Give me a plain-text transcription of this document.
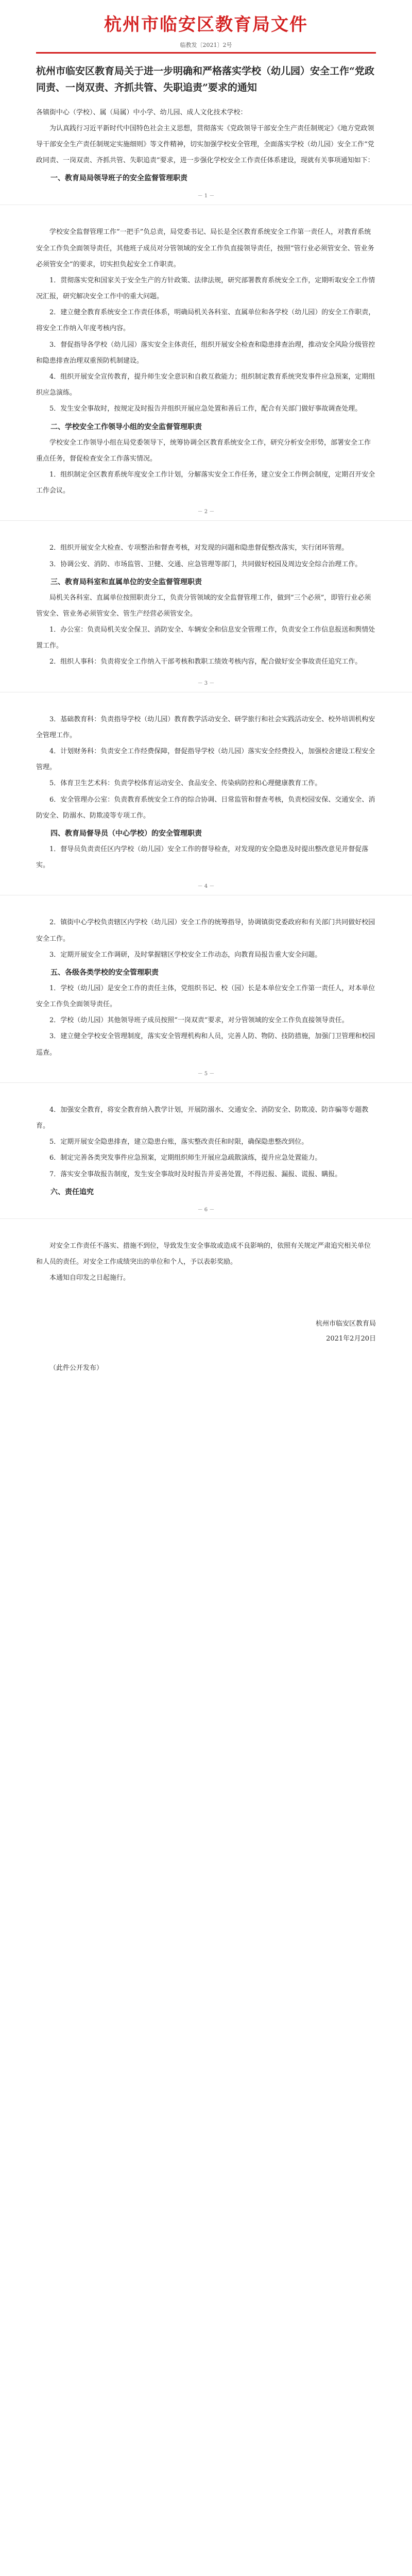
杭州市临安区教育局文件
临教发〔2021〕2号
杭州市临安区教育局关于进一步明确和严格落实学校（幼儿园）安全工作“党政同责、一岗双责、齐抓共管、失职追责”要求的通知

各镇街中心（学校）、属（局属）中小学、幼儿园、成人文化技术学校：

为认真践行习近平新时代中国特色社会主义思想，贯彻落实《党政领导干部安全生产责任制规定》《地方党政领导干部安全生产责任制规定实施细则》等文件精神，切实加强学校安全管理，全面落实学校（幼儿园）安全工作“党政同责、一岗双责、齐抓共管、失职追责”要求，进一步强化学校安全工作责任体系建设，现就有关事项通知如下：

一、教育局局领导班子的安全监督管理职责
－ 1 －

学校安全监督管理工作“一把手”负总责，局党委书记、局长是全区教育系统安全工作第一责任人，对教育系统安全工作负全面领导责任，其他班子成员对分管领域的安全工作负直接领导责任，按照“管行业必须管安全、管业务必须管安全”的要求，切实担负起安全工作职责。

1．贯彻落实党和国家关于安全生产的方针政策、法律法规，研究部署教育系统安全工作，定期听取安全工作情况汇报，研究解决安全工作中的重大问题。

2．建立健全教育系统安全工作责任体系，明确局机关各科室、直属单位和各学校（幼儿园）的安全工作职责，将安全工作纳入年度考核内容。

3．督促指导各学校（幼儿园）落实安全主体责任，组织开展安全检查和隐患排查治理，推动安全风险分级管控和隐患排查治理双重预防机制建设。

4．组织开展安全宣传教育，提升师生安全意识和自救互救能力；组织制定教育系统突发事件应急预案，定期组织应急演练。

5．发生安全事故时，按规定及时报告并组织开展应急处置和善后工作，配合有关部门做好事故调查处理。

二、学校安全工作领导小组的安全监督管理职责

学校安全工作领导小组在局党委领导下，统筹协调全区教育系统安全工作，研究分析安全形势，部署安全工作重点任务，督促检查安全工作落实情况。

1．组织制定全区教育系统年度安全工作计划，分解落实安全工作任务，建立安全工作例会制度，定期召开安全工作会议。

－ 2 －

2．组织开展安全大检查、专项整治和督查考核，对发现的问题和隐患督促整改落实，实行闭环管理。

3．协调公安、消防、市场监管、卫健、交通、应急管理等部门，共同做好校园及周边安全综合治理工作。

三、教育局科室和直属单位的安全监督管理职责

局机关各科室、直属单位按照职责分工，负责分管领域的安全监督管理工作，做到“三个必须”，即管行业必须管安全、管业务必须管安全、管生产经营必须管安全。

1．办公室：负责局机关安全保卫、消防安全、车辆安全和信息安全管理工作，负责安全工作信息报送和舆情处置工作。

2．组织人事科：负责将安全工作纳入干部考核和教职工绩效考核内容，配合做好安全事故责任追究工作。

－ 3 －

3．基础教育科：负责指导学校（幼儿园）教育教学活动安全、研学旅行和社会实践活动安全、校外培训机构安全管理工作。

4．计划财务科：负责安全工作经费保障，督促指导学校（幼儿园）落实安全经费投入，加强校舍建设工程安全管理。

5．体育卫生艺术科：负责学校体育运动安全、食品安全、传染病防控和心理健康教育工作。

6．安全管理办公室：负责教育系统安全工作的综合协调、日常监管和督查考核，负责校园安保、交通安全、消防安全、防溺水、防欺凌等专项工作。

四、教育局督导员（中心学校）的安全管理职责

1．督导员负责责任区内学校（幼儿园）安全工作的督导检查，对发现的安全隐患及时提出整改意见并督促落实。

－ 4 －

2．镇街中心学校负责辖区内学校（幼儿园）安全工作的统筹指导，协调镇街党委政府和有关部门共同做好校园安全工作。

3．定期开展安全工作调研，及时掌握辖区学校安全工作动态，向教育局报告重大安全问题。

五、各级各类学校的安全管理职责

1．学校（幼儿园）是安全工作的责任主体，党组织书记、校（园）长是本单位安全工作第一责任人，对本单位安全工作负全面领导责任。

2．学校（幼儿园）其他领导班子成员按照“一岗双责”要求，对分管领域的安全工作负直接领导责任。

3．建立健全学校安全管理制度，落实安全管理机构和人员，完善人防、物防、技防措施，加强门卫管理和校园巡查。

－ 5 －

4．加强安全教育，将安全教育纳入教学计划，开展防溺水、交通安全、消防安全、防欺凌、防诈骗等专题教育。

5．定期开展安全隐患排查，建立隐患台账，落实整改责任和时限，确保隐患整改到位。

6．制定完善各类突发事件应急预案，定期组织师生开展应急疏散演练，提升应急处置能力。

7．落实安全事故报告制度，发生安全事故时及时报告并妥善处置，不得迟报、漏报、谎报、瞒报。

六、责任追究
－ 6 －

对安全工作责任不落实、措施不到位，导致发生安全事故或造成不良影响的，依照有关规定严肃追究相关单位和人员的责任。对安全工作成绩突出的单位和个人，予以表彰奖励。

本通知自印发之日起施行。

杭州市临安区教育局
2021年2月20日
（此件公开发布）
